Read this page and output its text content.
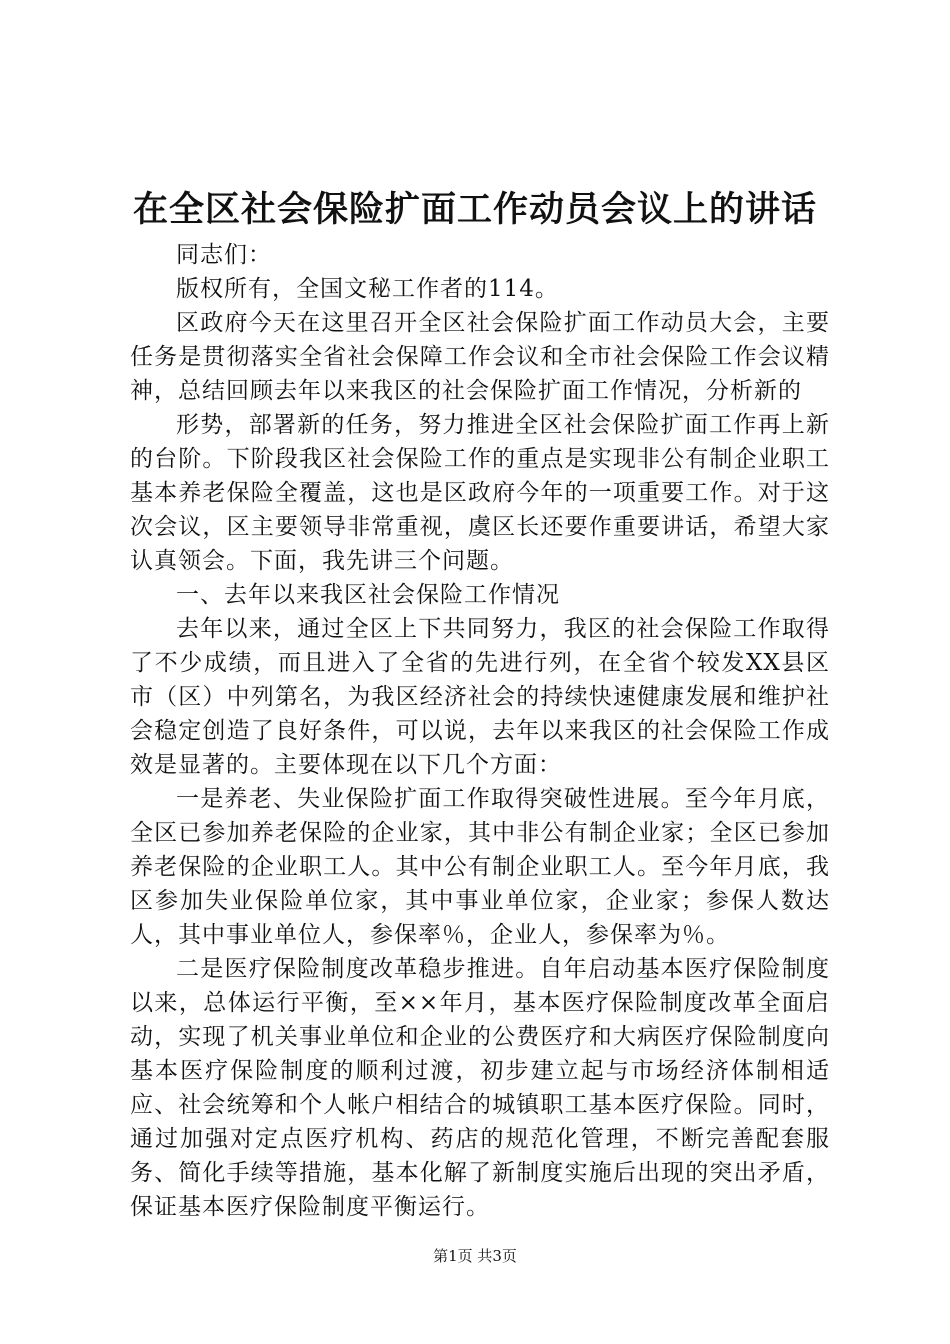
在全区社会保险扩面工作动员会议上的讲话

同志们：

版权所有，全国文秘工作者的114。

区政府今天在这里召开全区社会保险扩面工作动员大会，主要任务是贯彻落实全省社会保障工作会议和全市社会保险工作会议精神，总结回顾去年以来我区的社会保险扩面工作情况，分析新的

形势，部署新的任务，努力推进全区社会保险扩面工作再上新的台阶。下阶段我区社会保险工作的重点是实现非公有制企业职工基本养老保险全覆盖，这也是区政府今年的一项重要工作。对于这次会议，区主要领导非常重视，虞区长还要作重要讲话，希望大家认真领会。下面，我先讲三个问题。

一、去年以来我区社会保险工作情况

去年以来，通过全区上下共同努力，我区的社会保险工作取得了不少成绩，而且进入了全省的先进行列，在全省个较发XX县区市（区）中列第名，为我区经济社会的持续快速健康发展和维护社会稳定创造了良好条件，可以说，去年以来我区的社会保险工作成效是显著的。主要体现在以下几个方面：

一是养老、失业保险扩面工作取得突破性进展。至今年月底，全区已参加养老保险的企业家，其中非公有制企业家；全区已参加养老保险的企业职工人。其中公有制企业职工人。至今年月底，我区参加失业保险单位家，其中事业单位家，企业家；参保人数达人，其中事业单位人，参保率％，企业人，参保率为％。

二是医疗保险制度改革稳步推进。自年启动基本医疗保险制度以来，总体运行平衡，至××年月，基本医疗保险制度改革全面启动，实现了机关事业单位和企业的公费医疗和大病医疗保险制度向基本医疗保险制度的顺利过渡，初步建立起与市场经济体制相适应、社会统筹和个人帐户相结合的城镇职工基本医疗保险。同时，通过加强对定点医疗机构、药店的规范化管理，不断完善配套服务、简化手续等措施，基本化解了新制度实施后出现的突出矛盾，保证基本医疗保险制度平衡运行。

第1页 共3页
